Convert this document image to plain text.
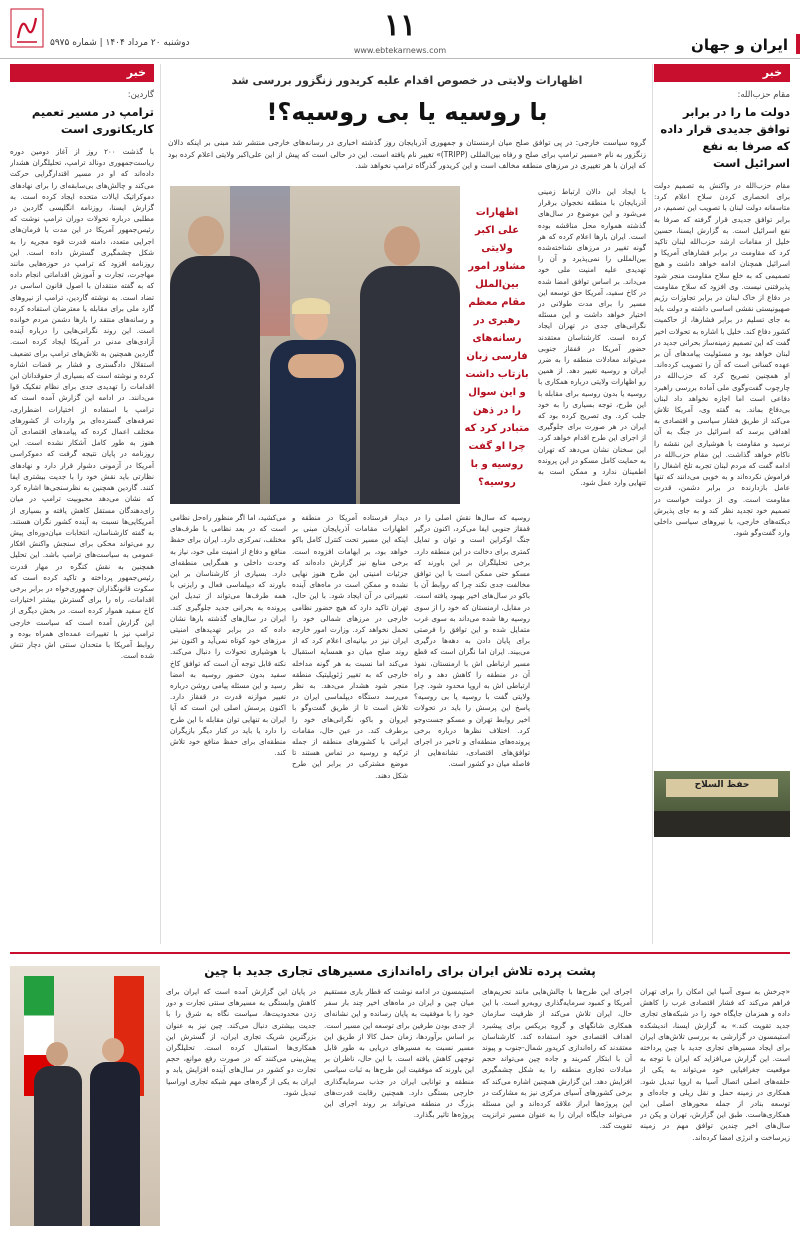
دوشنبه ۲۰ مرداد ۱۴۰۴ | شماره ۵۹۷۵	۱۱
www.ebtekarnews.com	ایران و جهان
خبر
مقام حزب‌الله:
دولت ما را در برابر توافق جدیدی قرار داده که صرفا به نفع اسرائیل است
مقام حزب‌الله در واکنش به تصمیم دولت برای انحصاری کردن سلاح اعلام کرد: متاسفانه دولت لبنان با تصویب این تصمیم، در برابر توافق جدیدی قرار گرفته که صرفا به نفع اسرائیل است. به گزارش ایسنا، حسین خلیل از مقامات ارشد حزب‌الله لبنان تاکید کرد که مقاومت در برابر فشارهای آمریکا و اسرائیل همچنان ادامه خواهد داشت و هیچ تصمیمی که به خلع سلاح مقاومت منجر شود پذیرفتنی نیست. وی افزود که سلاح مقاومت در دفاع از خاک لبنان در برابر تجاوزات رژیم صهیونیستی نقشی اساسی داشته و دولت باید به جای تسلیم در برابر فشارها، از حاکمیت کشور دفاع کند. خلیل با اشاره به تحولات اخیر گفت که این تصمیم زمینه‌ساز بحرانی جدید در لبنان خواهد بود و مسئولیت پیامدهای آن بر عهده کسانی است که آن را تصویب کرده‌اند. او همچنین تصریح کرد که حزب‌الله در چارچوب گفت‌وگوی ملی آماده بررسی راهبرد دفاعی است اما اجازه نخواهد داد لبنان بی‌دفاع بماند. به گفته وی، آمریکا تلاش می‌کند از طریق فشار سیاسی و اقتصادی به اهدافی برسد که اسرائیل در جنگ به آن نرسید و مقاومت با هوشیاری این نقشه را ناکام خواهد گذاشت. این مقام حزب‌الله در ادامه گفت که مردم لبنان تجربه تلخ اشغال را فراموش نکرده‌اند و به خوبی می‌دانند که تنها عامل بازدارنده در برابر دشمن، قدرت مقاومت است. وی از دولت خواست در تصمیم خود تجدید نظر کند و به جای پذیرش دیکته‌های خارجی، با نیروهای سیاسی داخلی وارد گفت‌وگو شود.
حفظ السلاح
اظهارات ولایتی در خصوص اقدام علیه کریدور زنگزور بررسی شد
با روسیه یا بی روسیه؟!
گروه سیاست خارجی: در پی توافق صلح میان ارمنستان و جمهوری آذربایجان روز گذشته اخباری در رسانه‌های خارجی منتشر شد مبنی بر اینکه دالان زنگزور به نام «مسیر ترامپ برای صلح و رفاه بین‌المللی (TRIPP)» تغییر نام یافته است. این در حالی است که پیش از این علی‌اکبر ولایتی اعلام کرده بود که ایران با هر تغییری در مرزهای منطقه مخالف است و این کریدور گذرگاه ترامپ نخواهد شد.
اظهارات علی اکبر ولایتی مشاور امور بین‌الملل مقام معظم رهبری در رسانه‌های فارسی زبان بازتاب داشت و این سوال را در ذهن متبادر کرد که چرا او گفت روسیه و با روسیه؟
با ایجاد این دالان ارتباط زمینی آذربایجان با منطقه نخجوان برقرار می‌شود و این موضوع در سال‌های گذشته همواره محل مناقشه بوده است. ایران بارها اعلام کرده که هر گونه تغییر در مرزهای شناخته‌شده بین‌المللی را نمی‌پذیرد و آن را تهدیدی علیه امنیت ملی خود می‌داند. بر اساس توافق امضا شده در کاخ سفید، آمریکا حق توسعه این مسیر را برای مدت طولانی در اختیار خواهد داشت و این مسئله نگرانی‌های جدی در تهران ایجاد کرده است. کارشناسان معتقدند حضور آمریکا در قفقاز جنوبی می‌تواند معادلات منطقه را به ضرر ایران و روسیه تغییر دهد. از همین رو اظهارات ولایتی درباره همکاری با روسیه یا بدون روسیه برای مقابله با این طرح، توجه بسیاری را به خود جلب کرد. وی تصریح کرده بود که ایران در هر صورت برای جلوگیری از اجرای این طرح اقدام خواهد کرد. این سخنان نشان می‌دهد که تهران به حمایت کامل مسکو در این پرونده اطمینان ندارد و ممکن است به تنهایی وارد عمل شود.
روسیه که سال‌ها نقش اصلی را در قفقاز جنوبی ایفا می‌کرد، اکنون درگیر جنگ اوکراین است و توان و تمایل کمتری برای دخالت در این منطقه دارد. برخی تحلیلگران بر این باورند که مسکو حتی ممکن است با این توافق مخالفت جدی نکند چرا که روابط آن با باکو در سال‌های اخیر بهبود یافته است. در مقابل، ارمنستان که خود را از سوی روسیه رها شده می‌داند به سوی غرب متمایل شده و این توافق را فرصتی برای پایان دادن به دهه‌ها درگیری می‌بیند. ایران اما نگران است که قطع مسیر ارتباطی اش با ارمنستان، نفوذ آن در منطقه را کاهش دهد و راه ارتباطی اش به اروپا محدود شود. چرا ولایتی گفت با روسیه یا بی روسیه؟ پاسخ این پرسش را باید در تحولات اخیر روابط تهران و مسکو جست‌وجو کرد. اختلاف نظرها درباره برخی پرونده‌های منطقه‌ای و تاخیر در اجرای توافق‌های اقتصادی، نشانه‌هایی از فاصله میان دو کشور است.
دیدار فرستاده آمریکا در منطقه و اظهارات مقامات آذربایجان مبنی بر اینکه این مسیر تحت کنترل کامل باکو خواهد بود، بر ابهامات افزوده است. برخی منابع نیز گزارش داده‌اند که جزئیات امنیتی این طرح هنوز نهایی نشده و ممکن است در ماه‌های آینده تغییراتی در آن ایجاد شود. با این حال، تهران تاکید دارد که هیچ حضور نظامی خارجی در مرزهای شمالی خود را تحمل نخواهد کرد. وزارت امور خارجه ایران نیز در بیانیه‌ای اعلام کرد که از روند صلح میان دو همسایه استقبال می‌کند اما نسبت به هر گونه مداخله خارجی که به تغییر ژئوپلیتیک منطقه منجر شود هشدار می‌دهد. به نظر می‌رسد دستگاه دیپلماسی ایران در تلاش است تا از طریق گفت‌وگو با ایروان و باکو، نگرانی‌های خود را برطرف کند. در عین حال، مقامات ایرانی با کشورهای منطقه از جمله ترکیه و روسیه در تماس هستند تا موضع مشترکی در برابر این طرح شکل دهند.
می‌کشید، اما اگر منظور راه‌حل نظامی است که در بعد نظامی با طرف‌های مختلف، تمرکزی دارد. ایران برای حفظ منافع و دفاع از امنیت ملی خود، نیاز به وحدت داخلی و همگرایی منطقه‌ای دارد. بسیاری از کارشناسان بر این باورند که دیپلماسی فعال و رایزنی با همه طرف‌ها می‌تواند از تبدیل این پرونده به بحرانی جدید جلوگیری کند. ایران در سال‌های گذشته بارها نشان داده که در برابر تهدیدهای امنیتی مرزهای خود کوتاه نمی‌آید و اکنون نیز با هوشیاری تحولات را دنبال می‌کند. نکته قابل توجه آن است که توافق کاخ سفید بدون حضور روسیه به امضا رسید و این مسئله پیامی روشن درباره تغییر موازنه قدرت در قفقاز دارد. اکنون پرسش اصلی این است که آیا ایران به تنهایی توان مقابله با این طرح را دارد یا باید در کنار دیگر بازیگران منطقه‌ای برای حفظ منافع خود تلاش کند.
خبر
گاردین:
ترامپ در مسیر تعمیم کاریکاتوری است
با گذشت ۲۰۰ روز از آغاز دومین دوره ریاست‌جمهوری دونالد ترامپ، تحلیلگران هشدار داده‌اند که او در مسیر اقتدارگرایی حرکت می‌کند و چالش‌های بی‌سابقه‌ای را برای نهادهای دموکراتیک ایالات متحده ایجاد کرده است. به گزارش ایسنا، روزنامه انگلیسی گاردین در مطلبی درباره تحولات دوران ترامپ نوشت که رئیس‌جمهور آمریکا در این مدت با فرمان‌های اجرایی متعدد، دامنه قدرت قوه مجریه را به شکل چشمگیری گسترش داده است. این روزنامه افزود که ترامپ در حوزه‌هایی مانند مهاجرت، تجارت و آموزش اقداماتی انجام داده که به گفته منتقدان با اصول قانون اساسی در تضاد است. به نوشته گاردین، ترامپ از نیروهای گارد ملی برای مقابله با معترضان استفاده کرده و رسانه‌های منتقد را بارها دشمن مردم خوانده است. این روند نگرانی‌هایی را درباره آینده آزادی‌های مدنی در آمریکا ایجاد کرده است. گاردین همچنین به تلاش‌های ترامپ برای تضعیف استقلال دادگستری و فشار بر قضات اشاره کرده و نوشته است که بسیاری از حقوقدانان این اقدامات را تهدیدی جدی برای نظام تفکیک قوا می‌دانند. در ادامه این گزارش آمده است که ترامپ با استفاده از اختیارات اضطراری، تعرفه‌های گسترده‌ای بر واردات از کشورهای مختلف اعمال کرده که پیامدهای اقتصادی آن هنوز به طور کامل آشکار نشده است. این روزنامه در پایان نتیجه گرفت که دموکراسی آمریکا در آزمونی دشوار قرار دارد و نهادهای نظارتی باید نقش خود را با جدیت بیشتری ایفا کنند. گاردین همچنین به نظرسنجی‌ها اشاره کرد که نشان می‌دهد محبوبیت ترامپ در میان رای‌دهندگان مستقل کاهش یافته و بسیاری از آمریکایی‌ها نسبت به آینده کشور نگران هستند. به گفته کارشناسان، انتخابات میان‌دوره‌ای پیش رو می‌تواند محکی برای سنجش واکنش افکار عمومی به سیاست‌های ترامپ باشد. این تحلیل همچنین به نقش کنگره در مهار قدرت رئیس‌جمهور پرداخته و تاکید کرده است که سکوت قانونگذاران جمهوری‌خواه در برابر برخی اقدامات، راه را برای گسترش بیشتر اختیارات کاخ سفید هموار کرده است. در بخش دیگری از این گزارش آمده است که سیاست خارجی ترامپ نیز با تغییرات عمده‌ای همراه بوده و روابط آمریکا با متحدان سنتی اش دچار تنش شده است.
پشت پرده تلاش ایران برای راه‌اندازی مسیرهای تجاری جدید با چین
«چرخش به سوی آسیا این امکان را برای تهران فراهم می‌کند که فشار اقتصادی غرب را کاهش داده و همزمان جایگاه خود را در شبکه‌های تجاری جدید تقویت کند.» به گزارش ایسنا، اندیشکده استیمسون در گزارشی به بررسی تلاش‌های ایران برای ایجاد مسیرهای تجاری جدید با چین پرداخته است. این گزارش می‌افزاید که ایران با توجه به موقعیت جغرافیایی خود می‌تواند به یکی از حلقه‌های اصلی اتصال آسیا به اروپا تبدیل شود. همکاری در زمینه حمل و نقل ریلی و جاده‌ای و توسعه بنادر از جمله محورهای اصلی این همکاری‌هاست. طبق این گزارش، تهران و پکن در سال‌های اخیر چندین توافق مهم در زمینه زیرساخت و انرژی امضا کرده‌اند.
اجرای این طرح‌ها با چالش‌هایی مانند تحریم‌های آمریکا و کمبود سرمایه‌گذاری روبه‌رو است. با این حال، ایران تلاش می‌کند از ظرفیت سازمان همکاری شانگهای و گروه بریکس برای پیشبرد اهداف اقتصادی خود استفاده کند. کارشناسان معتقدند که راه‌اندازی کریدور شمال-جنوب و پیوند آن با ابتکار کمربند و جاده چین می‌تواند حجم مبادلات تجاری منطقه را به شکل چشمگیری افزایش دهد. این گزارش همچنین اشاره می‌کند که برخی کشورهای آسیای مرکزی نیز به مشارکت در این پروژه‌ها ابراز علاقه کرده‌اند و این مسئله می‌تواند جایگاه ایران را به عنوان مسیر ترانزیت تقویت کند.
استیمسون در ادامه نوشت که قطار باری مستقیم میان چین و ایران در ماه‌های اخیر چند بار سفر خود را با موفقیت به پایان رسانده و این نشانه‌ای از جدی بودن طرفین برای توسعه این مسیر است. بر اساس برآوردها، زمان حمل کالا از طریق این مسیر نسبت به مسیرهای دریایی به طور قابل توجهی کاهش یافته است. با این حال، ناظران بر این باورند که موفقیت این طرح‌ها به ثبات سیاسی منطقه و توانایی ایران در جذب سرمایه‌گذاری خارجی بستگی دارد. همچنین رقابت قدرت‌های بزرگ در منطقه می‌تواند بر روند اجرای این پروژه‌ها تاثیر بگذارد.
در پایان این گزارش آمده است که ایران برای کاهش وابستگی به مسیرهای سنتی تجارت و دور زدن محدودیت‌ها، سیاست نگاه به شرق را با جدیت بیشتری دنبال می‌کند. چین نیز به عنوان بزرگترین شریک تجاری ایران، از گسترش این همکاری‌ها استقبال کرده است. تحلیلگران پیش‌بینی می‌کنند که در صورت رفع موانع، حجم تجارت دو کشور در سال‌های آینده افزایش یابد و ایران به یکی از گره‌های مهم شبکه تجاری اوراسیا تبدیل شود.
